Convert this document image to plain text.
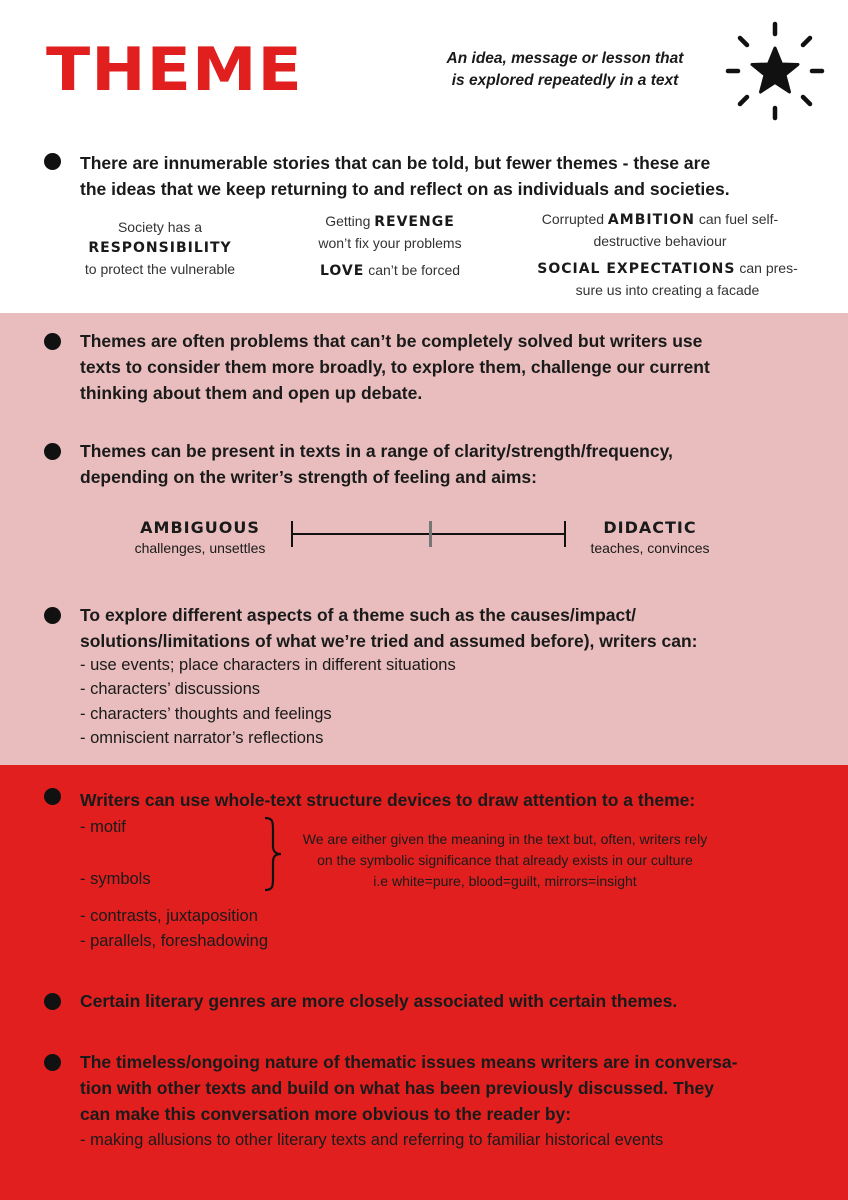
THEME	An idea, message or lesson that
is explored repeatedly in a text
There are innumerable stories that can be told, but fewer themes - these are
the ideas that we keep returning to and reflect on as individuals and societies.
Society has a
RESPONSIBILITY
to protect the vulnerable
Getting REVENGE
won’t fix your problems
LOVE can’t be forced
Corrupted AMBITION can fuel self-
destructive behaviour
SOCIAL EXPECTATIONS can pres-
sure us into creating a facade
Themes are often problems that can’t be completely solved but writers use
texts to consider them more broadly, to explore them, challenge our current
thinking about them and open up debate.
Themes can be present in texts in a range of clarity/strength/frequency,
depending on the writer’s strength of feeling and aims:
AMBIGUOUS
challenges, unsettles
DIDACTIC
teaches, convinces
To explore different aspects of a theme such as the causes/impact/
solutions/limitations of what we’re tried and assumed before), writers can:
- use events; place characters in different situations
- characters’ discussions
- characters’ thoughts and feelings
- omniscient narrator’s reflections
Writers can use whole-text structure devices to draw attention to a theme:
- motif
- symbols
- contrasts, juxtaposition
- parallels, foreshadowing
We are either given the meaning in the text but, often, writers rely
on the symbolic significance that already exists in our culture
i.e white=pure, blood=guilt, mirrors=insight
Certain literary genres are more closely associated with certain themes.
The timeless/ongoing nature of thematic issues means writers are in conversa-
tion with other texts and build on what has been previously discussed. They
can make this conversation more obvious to the reader by:
- making allusions to other literary texts and referring to familiar historical events
